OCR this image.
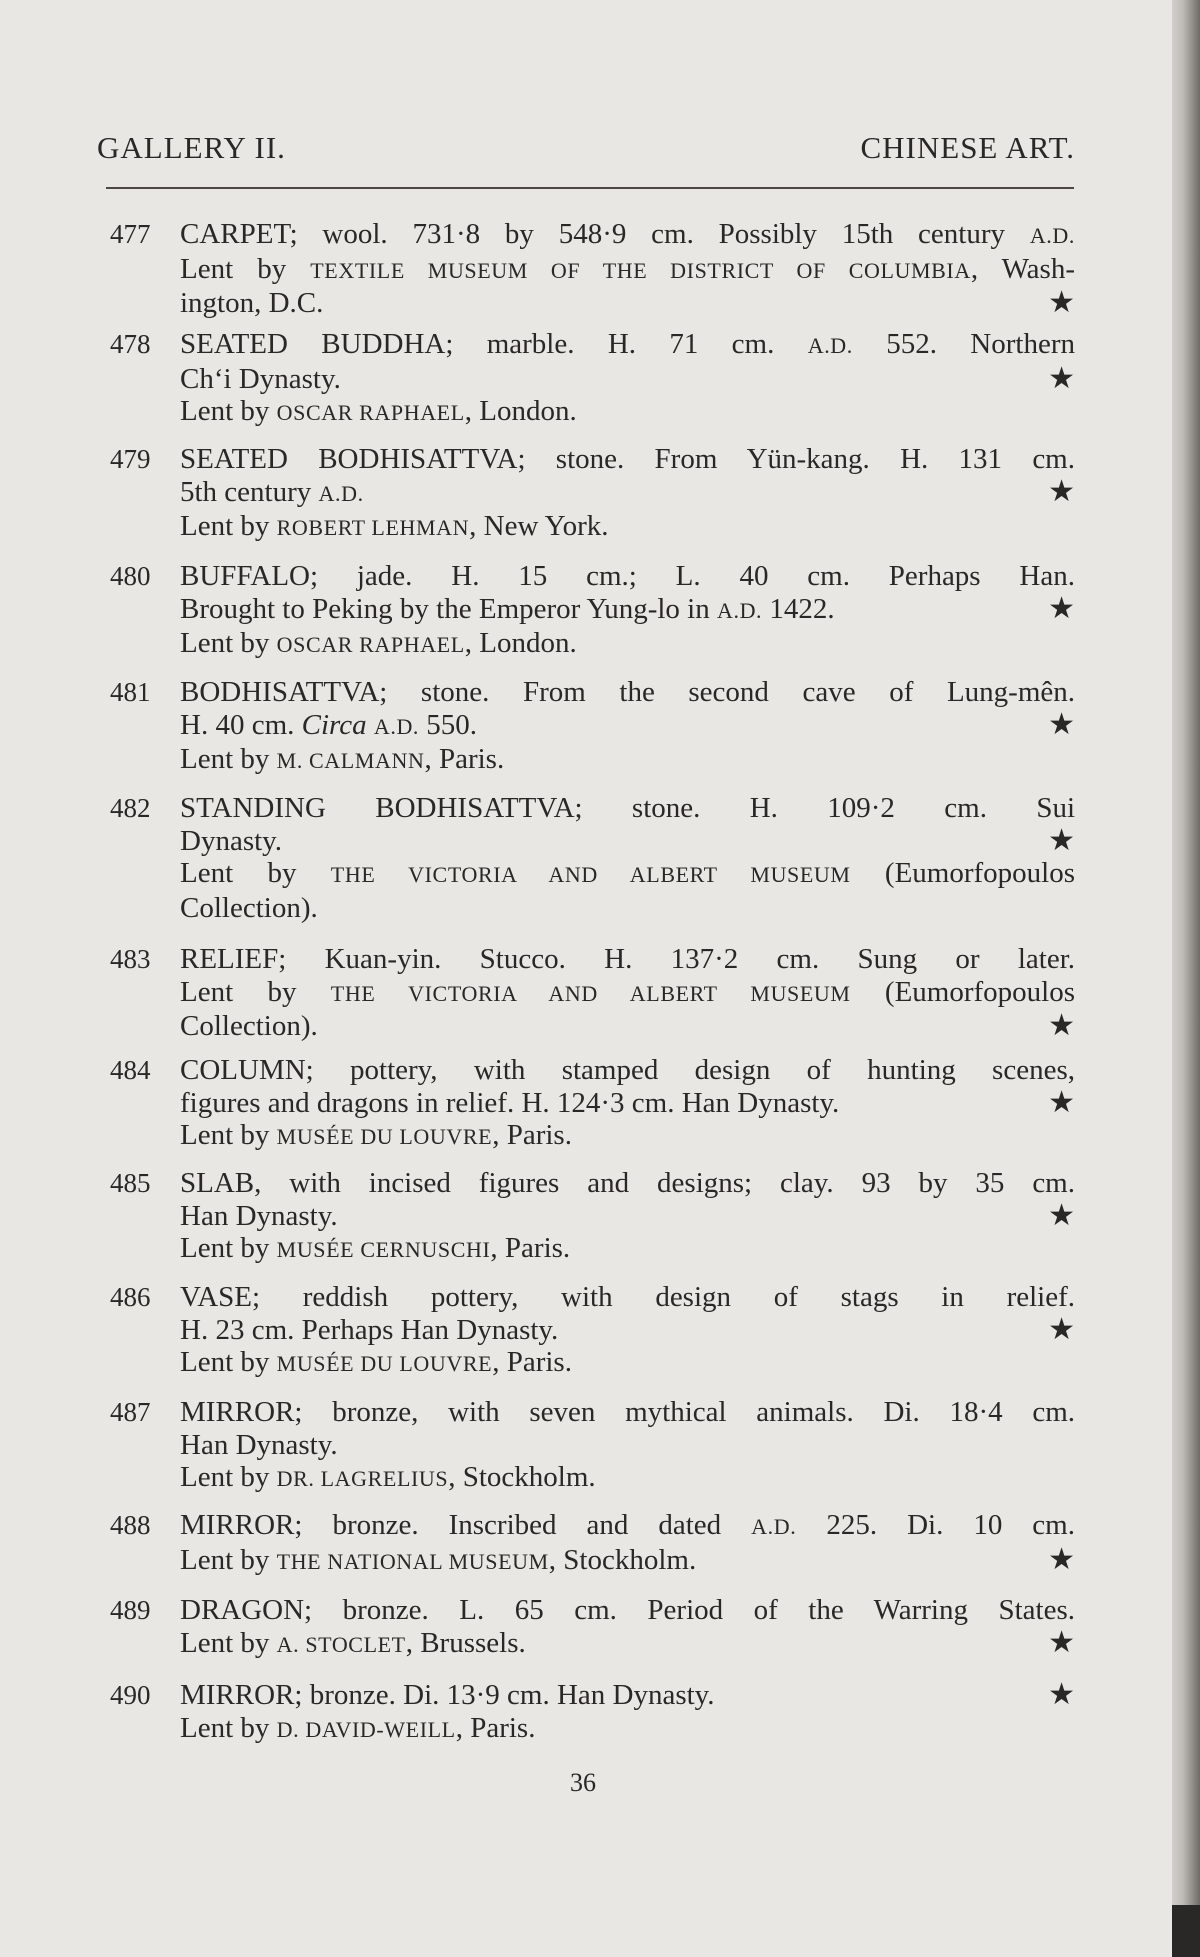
GALLERY II.	CHINESE ART.
477	CARPET; wool. 731·8 by 548·9 cm. Possibly 15th century A.D.
Lent by TEXTILE MUSEUM OF THE DISTRICT OF COLUMBIA, Wash-
ington, D.C.	★
478	SEATED BUDDHA; marble. H. 71 cm. A.D. 552. Northern
Ch‘i Dynasty.	★
Lent by OSCAR RAPHAEL, London.
479	SEATED BODHISATTVA; stone. From Yün-kang. H. 131 cm.
5th century A.D.	★
Lent by ROBERT LEHMAN, New York.
480	BUFFALO; jade. H. 15 cm.; L. 40 cm. Perhaps Han.
Brought to Peking by the Emperor Yung-lo in A.D. 1422.	★
Lent by OSCAR RAPHAEL, London.
481	BODHISATTVA; stone. From the second cave of Lung-mên.
H. 40 cm. Circa A.D. 550.	★
Lent by M. CALMANN, Paris.
482	STANDING BODHISATTVA; stone. H. 109·2 cm. Sui
Dynasty.	★
Lent by THE VICTORIA AND ALBERT MUSEUM (Eumorfopoulos
Collection).
483	RELIEF; Kuan-yin. Stucco. H. 137·2 cm. Sung or later.
Lent by THE VICTORIA AND ALBERT MUSEUM (Eumorfopoulos
Collection).	★
484	COLUMN; pottery, with stamped design of hunting scenes,
figures and dragons in relief. H. 124·3 cm. Han Dynasty.	★
Lent by MUSÉE DU LOUVRE, Paris.
485	SLAB, with incised figures and designs; clay. 93 by 35 cm.
Han Dynasty.	★
Lent by MUSÉE CERNUSCHI, Paris.
486	VASE; reddish pottery, with design of stags in relief.
H. 23 cm. Perhaps Han Dynasty.	★
Lent by MUSÉE DU LOUVRE, Paris.
487	MIRROR; bronze, with seven mythical animals. Di. 18·4 cm.
Han Dynasty.
Lent by DR. LAGRELIUS, Stockholm.
488	MIRROR; bronze. Inscribed and dated A.D. 225. Di. 10 cm.
Lent by THE NATIONAL MUSEUM, Stockholm.	★
489	DRAGON; bronze. L. 65 cm. Period of the Warring States.
Lent by A. STOCLET, Brussels.	★
490	MIRROR; bronze. Di. 13·9 cm. Han Dynasty.	★
Lent by D. DAVID-WEILL, Paris.
36
